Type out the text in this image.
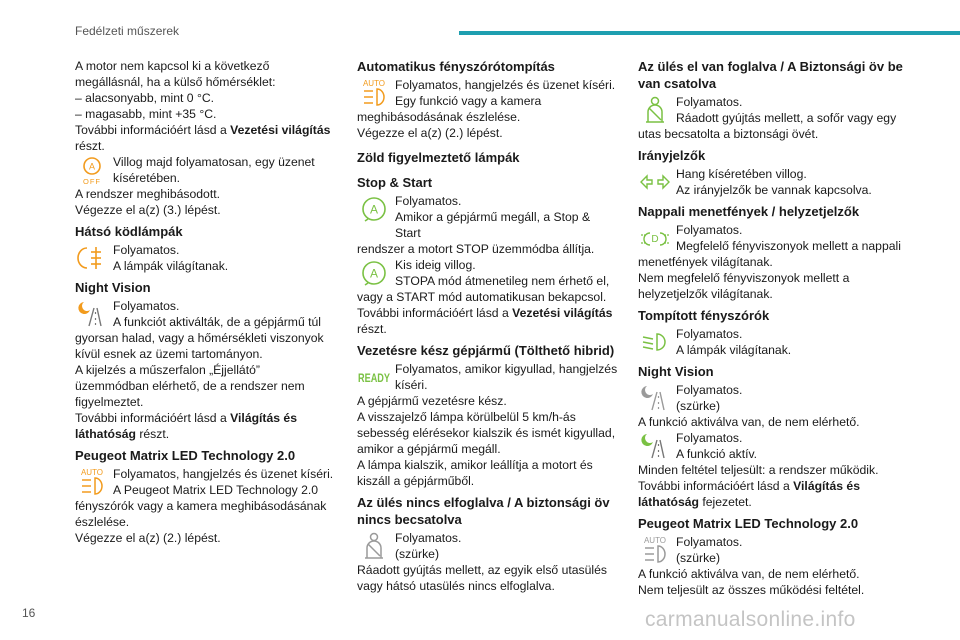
Fedélzeti műszerek

A motor nem kapcsol ki a következő

megállásnál, ha a külső hőmérséklet:

– alacsonyabb, mint 0 °C.

– magasabb, mint +35 °C.

További információért lásd a Vezetési világítás

részt.

A
OFF

Villog majd folyamatosan, egy üzenet

kíséretében.

A rendszer meghibásodott.

Végezze el a(z) (3.) lépést.

Hátsó ködlámpák

Folyamatos.

A lámpák világítanak.

Night Vision

Folyamatos.

A funkciót aktiválták, de a gépjármű túl

gyorsan halad, vagy a hőmérsékleti viszonyok

kívül esnek az üzemi tartományon.

A kijelzés a műszerfalon „Éjjellátó”

üzemmódban elérhető, de a rendszer nem

figyelmeztet.

További információért lásd a Világítás és

láthatóság részt.

Peugeot Matrix LED Technology 2.0
AUTO Folyamatos, hangjelzés és üzenet kíséri.

A Peugeot Matrix LED Technology 2.0

fényszórók vagy a kamera meghibásodásának

észlelése.

Végezze el a(z) (2.) lépést.

Automatikus fényszórótompítás
AUTO Folyamatos, hangjelzés és üzenet kíséri.

Egy funkció vagy a kamera

meghibásodásának észlelése.

Végezze el a(z) (2.) lépést.

Zöld figyelmeztető lámpák
Stop & Start
A

Folyamatos.

Amikor a gépjármű megáll, a Stop & Start

rendszer a motort STOP üzemmódba állítja.

A

Kis ideig villog.

STOPA mód átmenetileg nem érhető el,

vagy a START mód automatikusan bekapcsol.

További információért lásd a Vezetési világítás

részt.

Vezetésre kész gépjármű (Tölthető hibrid)
READY

Folyamatos, amikor kigyullad, hangjelzés

kíséri.

A gépjármű vezetésre kész.

A visszajelző lámpa körülbelül 5 km/h-ás

sebesség elérésekor kialszik és ismét kigyullad,

amikor a gépjármű megáll.

A lámpa kialszik, amikor leállítja a motort és

kiszáll a gépjárműből.

Az ülés nincs elfoglalva / A biztonsági öv nincs becsatolva

Folyamatos.

(szürke)

Ráadott gyújtás mellett, az egyik első utasülés

vagy hátsó utasülés nincs elfoglalva.

Az ülés el van foglalva / A Biztonsági öv be van csatolva

Folyamatos.

Ráadott gyújtás mellett, a sofőr vagy egy

utas becsatolta a biztonsági övét.

Irányjelzők

Hang kíséretében villog.

Az irányjelzők be vannak kapcsolva.

Nappali menetfények / helyzetjelzők
D

Folyamatos.

Megfelelő fényviszonyok mellett a nappali

menetfények világítanak.

Nem megfelelő fényviszonyok mellett a

helyzetjelzők világítanak.

Tompított fényszórók

Folyamatos.

A lámpák világítanak.

Night Vision

Folyamatos.

(szürke)

A funkció aktiválva van, de nem elérhető.

Folyamatos.

A funkció aktív.

Minden feltétel teljesült: a rendszer működik.

További információért lásd a Világítás és

láthatóság fejezetet.

Peugeot Matrix LED Technology 2.0
AUTO Folyamatos.

(szürke)

A funkció aktiválva van, de nem elérhető.

Nem teljesült az összes működési feltétel.

16	carmanualsonline.info
